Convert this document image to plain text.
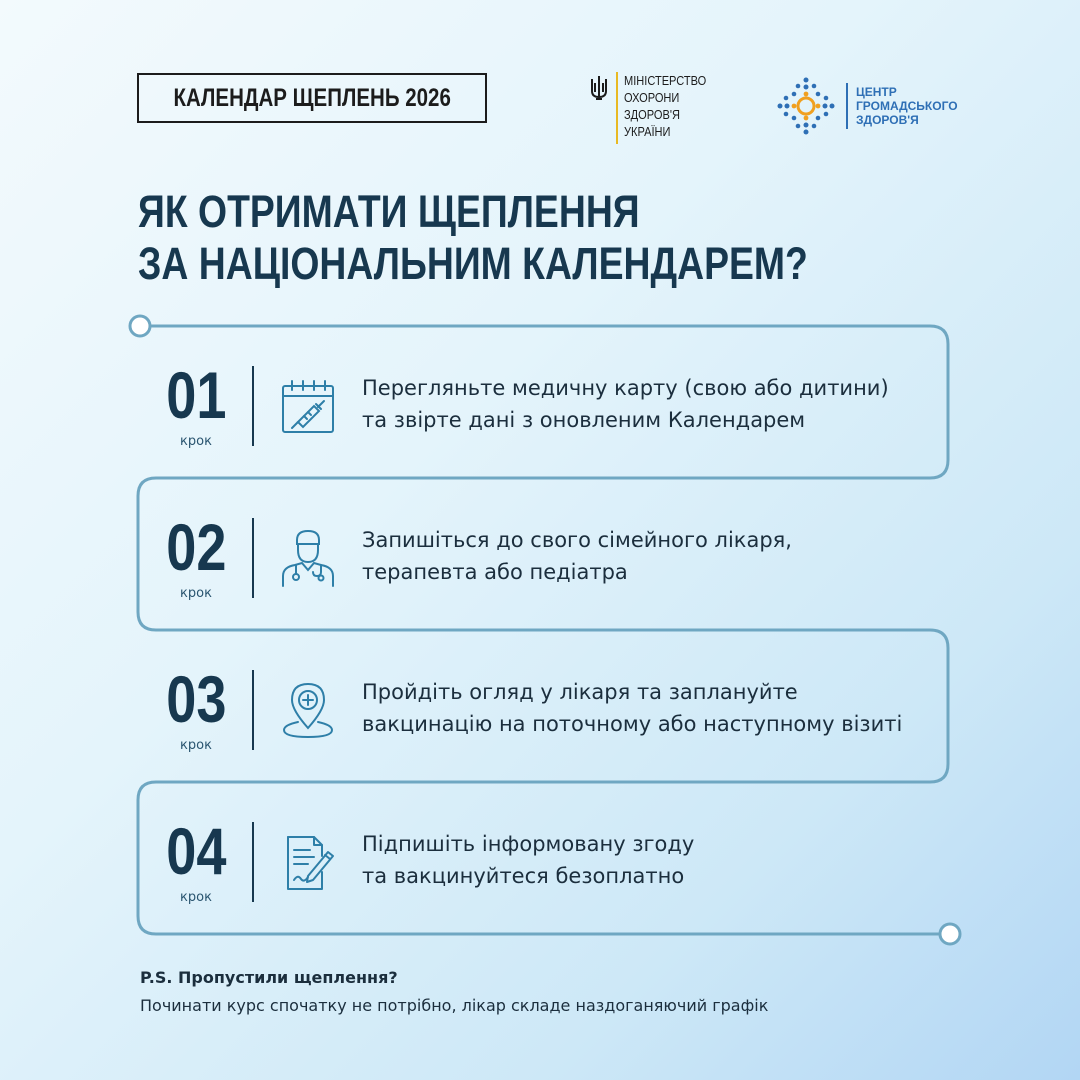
КАЛЕНДАР ЩЕПЛЕНЬ 2026
МІНІСТЕРСТВО
ОХОРОНИ
ЗДОРОВ'Я
УКРАЇНИ
ЦЕНТР
ГРОМАДСЬКОГО
ЗДОРОВ'Я
ЯК ОТРИМАТИ ЩЕПЛЕННЯ
ЗА НАЦІОНАЛЬНИМ КАЛЕНДАРЕМ?
01
крок
Перегляньте медичну карту (свою або дитини)
та звірте дані з оновленим Календарем
02
крок
Запишіться до свого сімейного лікаря,
терапевта або педіатра
03
крок
Пройдіть огляд у лікаря та заплануйте
вакцинацію на поточному або наступному візиті
04
крок
Підпишіть інформовану згоду
та вакцинуйтеся безоплатно
P.S. Пропустили щеплення?
Починати курс спочатку не потрібно, лікар складе наздоганяючий графік
